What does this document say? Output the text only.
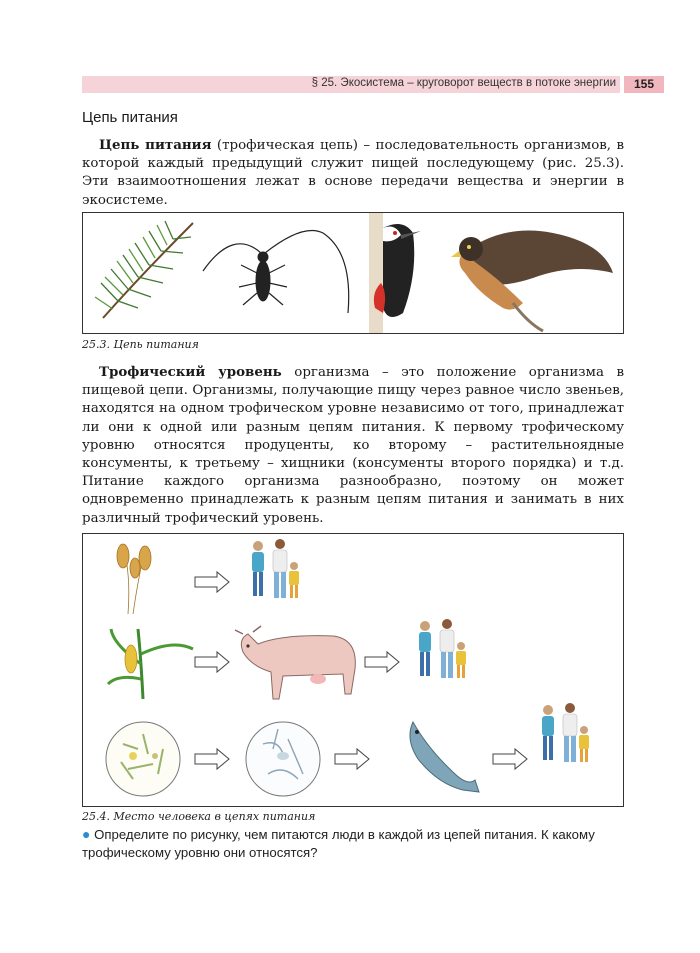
§ 25. Экосистема – круговорот веществ в потоке энергии	155
Цепь питания

Цепь питания (трофическая цепь) – последовательность организмов, в которой каждый предыдущий служит пищей последующему (рис. 25.3). Эти взаимоотношения лежат в основе передачи вещества и энергии в экосистеме.

25.3. Цепь питания

Трофический уровень организма – это положение организма в пищевой цепи. Организмы, получающие пищу через равное число звеньев, находятся на одном трофическом уровне независимо от того, принадлежат ли они к одной или разным цепям питания. К первому трофическому уровню относятся продуценты, ко второму – растительноядные консументы, к третьему – хищники (консументы второго порядка) и т.д. Питание каждого организма разнообразно, поэтому он может одновременно принадлежать к разным цепям питания и занимать в них различный трофический уровень.

25.4. Место человека в цепях питания
● Определите по рисунку, чем питаются люди в каждой из цепей питания. К какому трофическому уровню они относятся?
